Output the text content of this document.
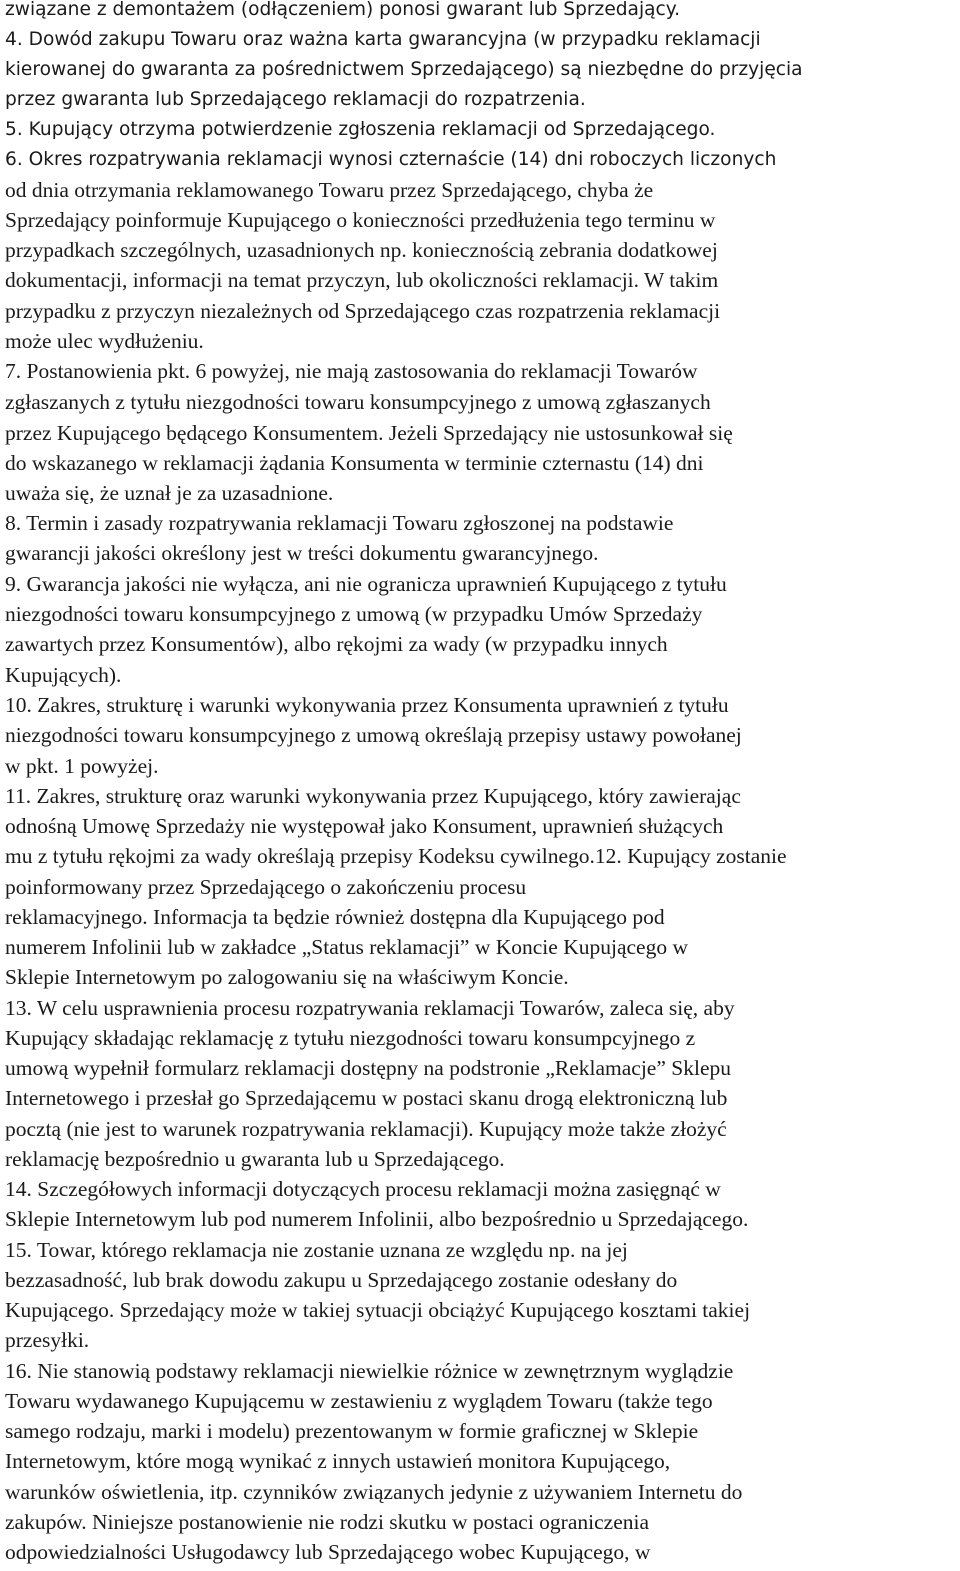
związane z demontażem (odłączeniem) ponosi gwarant lub Sprzedający.
4. Dowód zakupu Towaru oraz ważna karta gwarancyjna (w przypadku reklamacji
kierowanej do gwaranta za pośrednictwem Sprzedającego) są niezbędne do przyjęcia
przez gwaranta lub Sprzedającego reklamacji do rozpatrzenia.
5. Kupujący otrzyma potwierdzenie zgłoszenia reklamacji od Sprzedającego.
6. Okres rozpatrywania reklamacji wynosi czternaście (14) dni roboczych liczonych
od dnia otrzymania reklamowanego Towaru przez Sprzedającego, chyba że
Sprzedający poinformuje Kupującego o konieczności przedłużenia tego terminu w
przypadkach szczególnych, uzasadnionych np. koniecznością zebrania dodatkowej
dokumentacji, informacji na temat przyczyn, lub okoliczności reklamacji. W takim
przypadku z przyczyn niezależnych od Sprzedającego czas rozpatrzenia reklamacji
może ulec wydłużeniu.
7. Postanowienia pkt. 6 powyżej, nie mają zastosowania do reklamacji Towarów
zgłaszanych z tytułu niezgodności towaru konsumpcyjnego z umową zgłaszanych
przez Kupującego będącego Konsumentem. Jeżeli Sprzedający nie ustosunkował się
do wskazanego w reklamacji żądania Konsumenta w terminie czternastu (14) dni
uważa się, że uznał je za uzasadnione.
8. Termin i zasady rozpatrywania reklamacji Towaru zgłoszonej na podstawie
gwarancji jakości określony jest w treści dokumentu gwarancyjnego.
9. Gwarancja jakości nie wyłącza, ani nie ogranicza uprawnień Kupującego z tytułu
niezgodności towaru konsumpcyjnego z umową (w przypadku Umów Sprzedaży
zawartych przez Konsumentów), albo rękojmi za wady (w przypadku innych
Kupujących).
10. Zakres, strukturę i warunki wykonywania przez Konsumenta uprawnień z tytułu
niezgodności towaru konsumpcyjnego z umową określają przepisy ustawy powołanej
w pkt. 1 powyżej.
11. Zakres, strukturę oraz warunki wykonywania przez Kupującego, który zawierając
odnośną Umowę Sprzedaży nie występował jako Konsument, uprawnień służących
mu z tytułu rękojmi za wady określają przepisy Kodeksu cywilnego.12. Kupujący zostanie
poinformowany przez Sprzedającego o zakończeniu procesu
reklamacyjnego. Informacja ta będzie również dostępna dla Kupującego pod
numerem Infolinii lub w zakładce „Status reklamacji” w Koncie Kupującego w
Sklepie Internetowym po zalogowaniu się na właściwym Koncie.
13. W celu usprawnienia procesu rozpatrywania reklamacji Towarów, zaleca się, aby
Kupujący składając reklamację z tytułu niezgodności towaru konsumpcyjnego z
umową wypełnił formularz reklamacji dostępny na podstronie „Reklamacje” Sklepu
Internetowego i przesłał go Sprzedającemu w postaci skanu drogą elektroniczną lub
pocztą (nie jest to warunek rozpatrywania reklamacji). Kupujący może także złożyć
reklamację bezpośrednio u gwaranta lub u Sprzedającego.
14. Szczegółowych informacji dotyczących procesu reklamacji można zasięgnąć w
Sklepie Internetowym lub pod numerem Infolinii, albo bezpośrednio u Sprzedającego.
15. Towar, którego reklamacja nie zostanie uznana ze względu np. na jej
bezzasadność, lub brak dowodu zakupu u Sprzedającego zostanie odesłany do
Kupującego. Sprzedający może w takiej sytuacji obciążyć Kupującego kosztami takiej
przesyłki.
16. Nie stanowią podstawy reklamacji niewielkie różnice w zewnętrznym wyglądzie
Towaru wydawanego Kupującemu w zestawieniu z wyglądem Towaru (także tego
samego rodzaju, marki i modelu) prezentowanym w formie graficznej w Sklepie
Internetowym, które mogą wynikać z innych ustawień monitora Kupującego,
warunków oświetlenia, itp. czynników związanych jedynie z używaniem Internetu do
zakupów. Niniejsze postanowienie nie rodzi skutku w postaci ograniczenia
odpowiedzialności Usługodawcy lub Sprzedającego wobec Kupującego, w
